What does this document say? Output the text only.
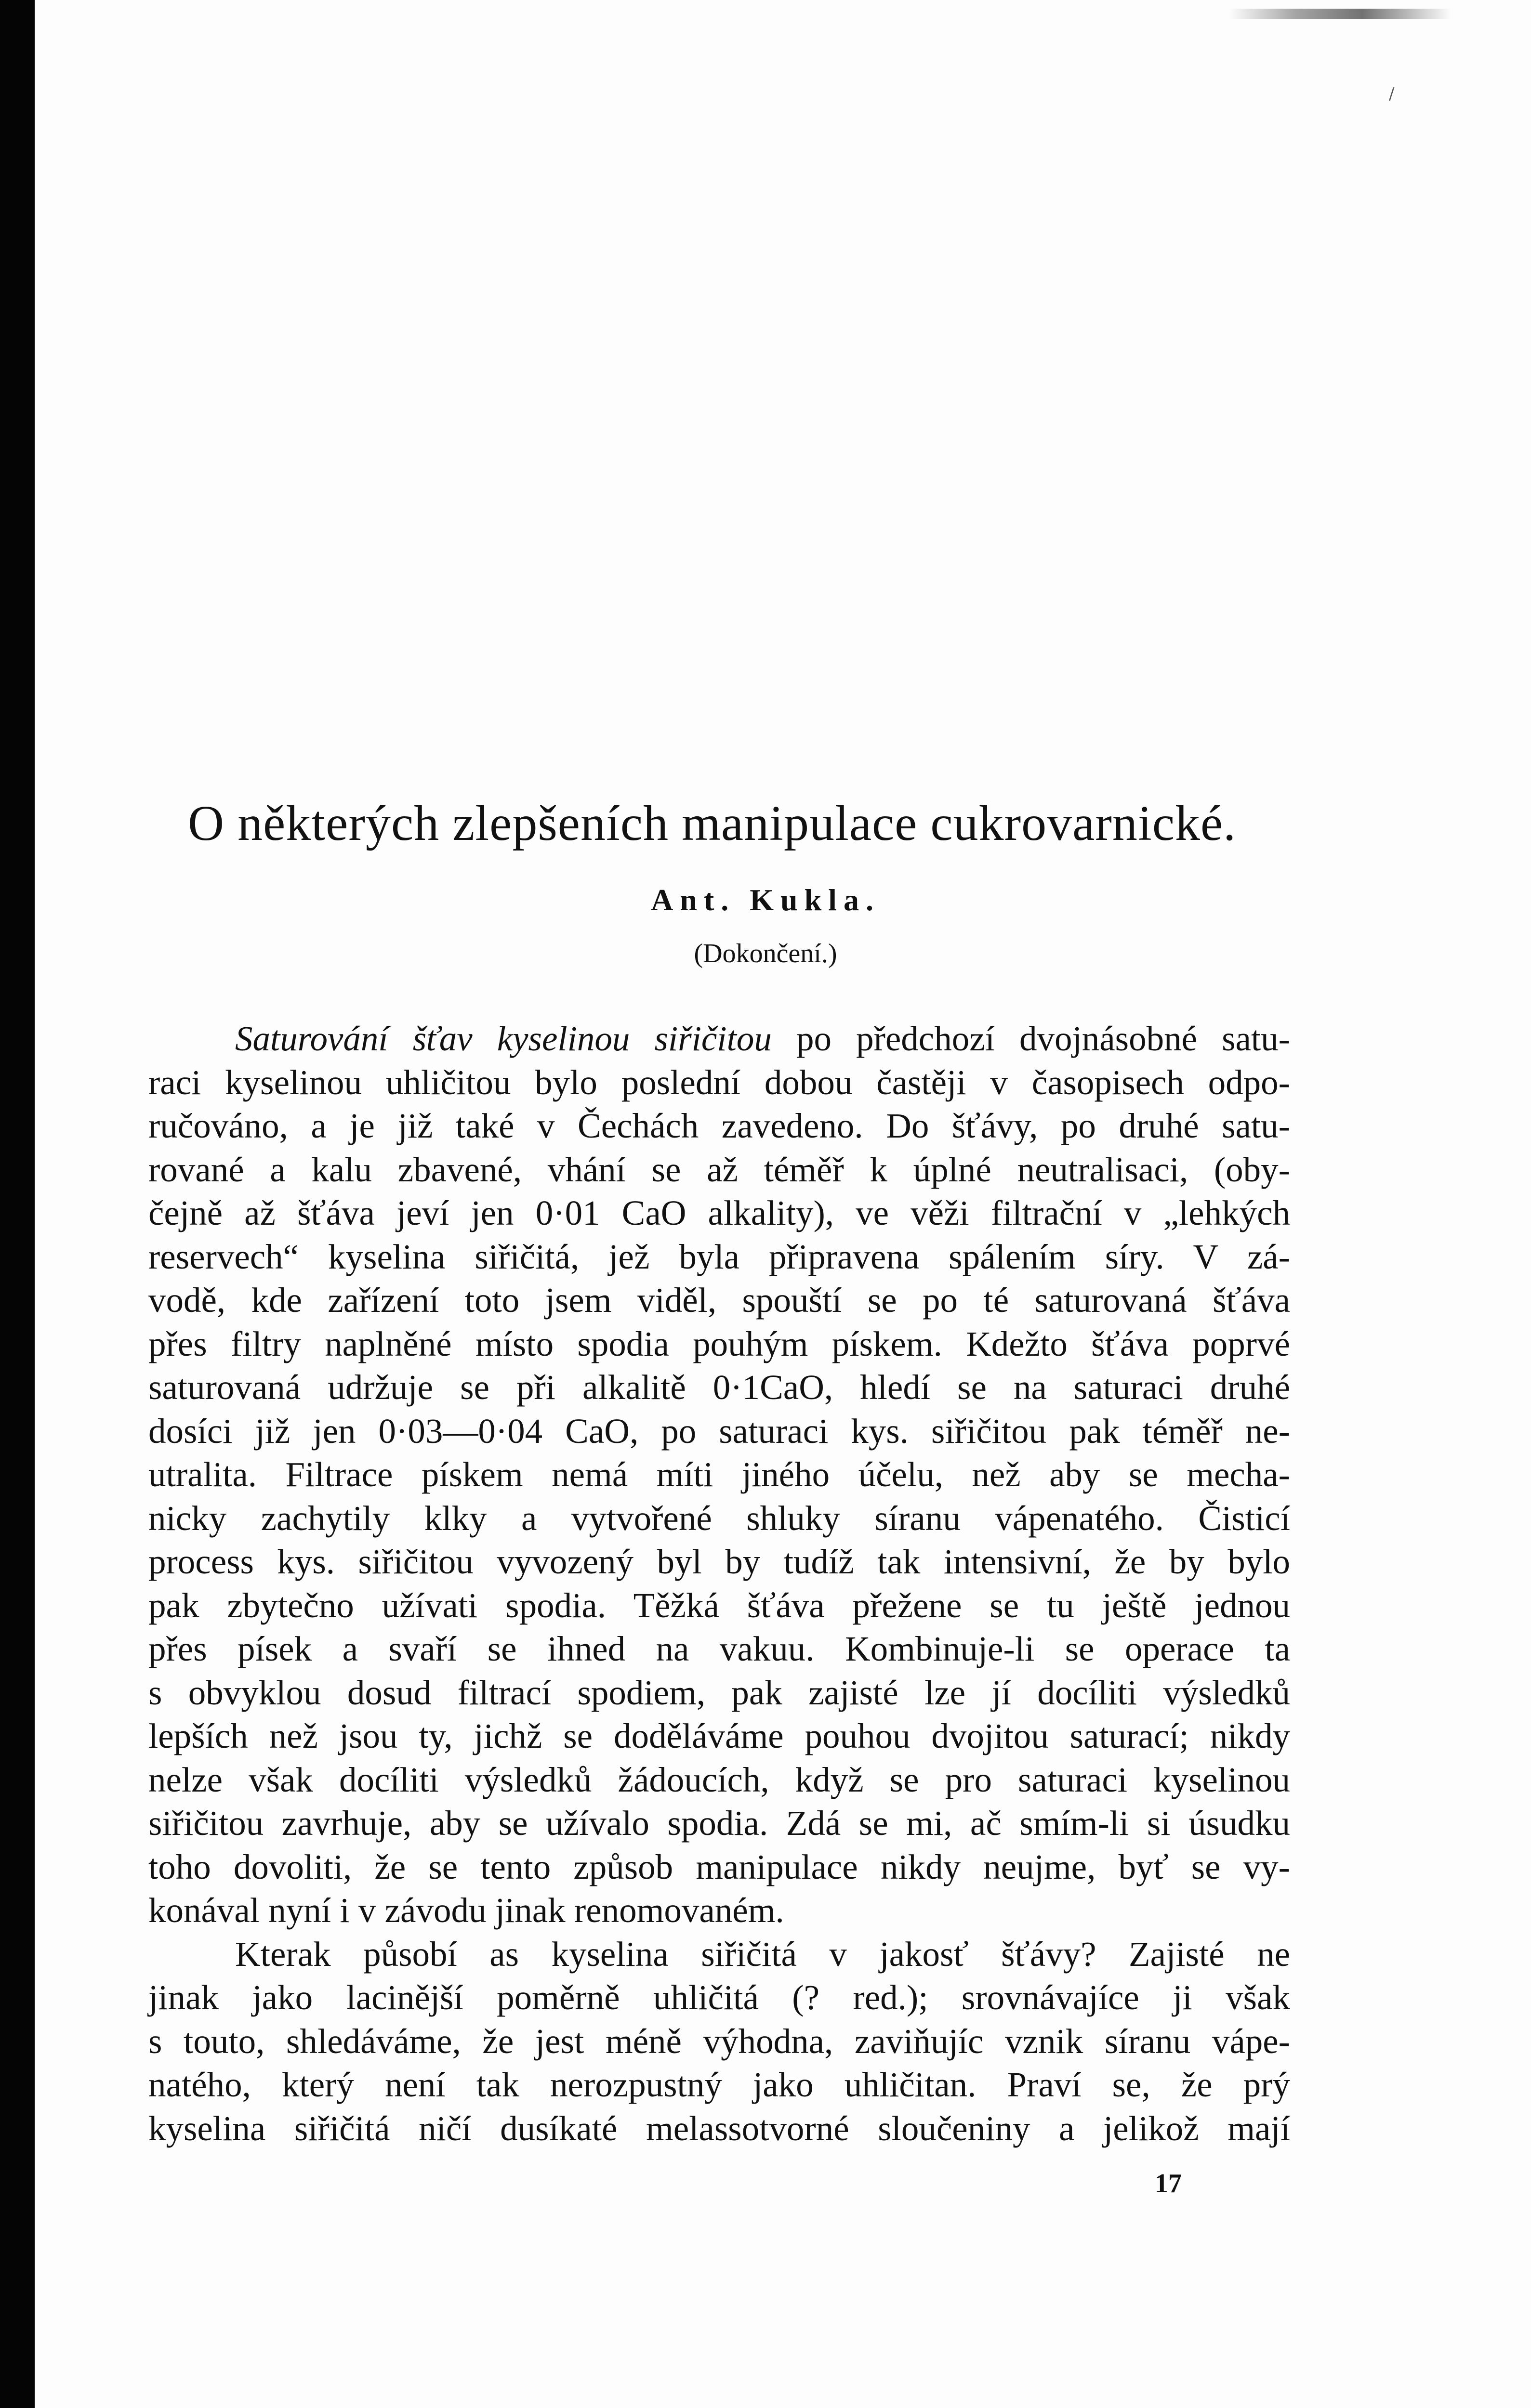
/
O některých zlepšeních manipulace cukrovarnické.
Ant. Kukla.
(Dokončení.)

Saturování šťav kyselinou siřičitou po předchozí dvojnásobné satu-

raci kyselinou uhličitou bylo poslední dobou častěji v časopisech odpo-

ručováno, a je již také v Čechách zavedeno. Do šťávy, po druhé satu-

rované a kalu zbavené, vhání se až téměř k úplné neutralisaci, (oby-

čejně až šťáva jeví jen 0·01 CaO alkality), ve věži filtrační v „lehkých

reservech“ kyselina siřičitá, jež byla připravena spálením síry. V zá-

vodě, kde zařízení toto jsem viděl, spouští se po té saturovaná šťáva

přes filtry naplněné místo spodia pouhým pískem. Kdežto šťáva poprvé

saturovaná udržuje se při alkalitě 0·1CaO, hledí se na saturaci druhé

dosíci již jen 0·03—0·04 CaO, po saturaci kys. siřičitou pak téměř ne-

utralita. Filtrace pískem nemá míti jiného účelu, než aby se mecha-

nicky zachytily klky a vytvořené shluky síranu vápenatého. Čisticí

process kys. siřičitou vyvozený byl by tudíž tak intensivní, že by bylo

pak zbytečno užívati spodia. Těžká šťáva přežene se tu ještě jednou

přes písek a svaří se ihned na vakuu. Kombinuje-li se operace ta

s obvyklou dosud filtrací spodiem, pak zajisté lze jí docíliti výsledků

lepších než jsou ty, jichž se doděláváme pouhou dvojitou saturací; nikdy

nelze však docíliti výsledků žádoucích, když se pro saturaci kyselinou

siřičitou zavrhuje, aby se užívalo spodia. Zdá se mi, ač smím-li si úsudku

toho dovoliti, že se tento způsob manipulace nikdy neujme, byť se vy-

konával nyní i v závodu jinak renomovaném.

Kterak působí as kyselina siřičitá v jakosť šťávy? Zajisté ne

jinak jako lacinější poměrně uhličitá (? red.); srovnávajíce ji však

s touto, shledáváme, že jest méně výhodna, zaviňujíc vznik síranu vápe-

natého, který není tak nerozpustný jako uhličitan. Praví se, že prý

kyselina siřičitá ničí dusíkaté melassotvorné sloučeniny a jelikož mají

17
